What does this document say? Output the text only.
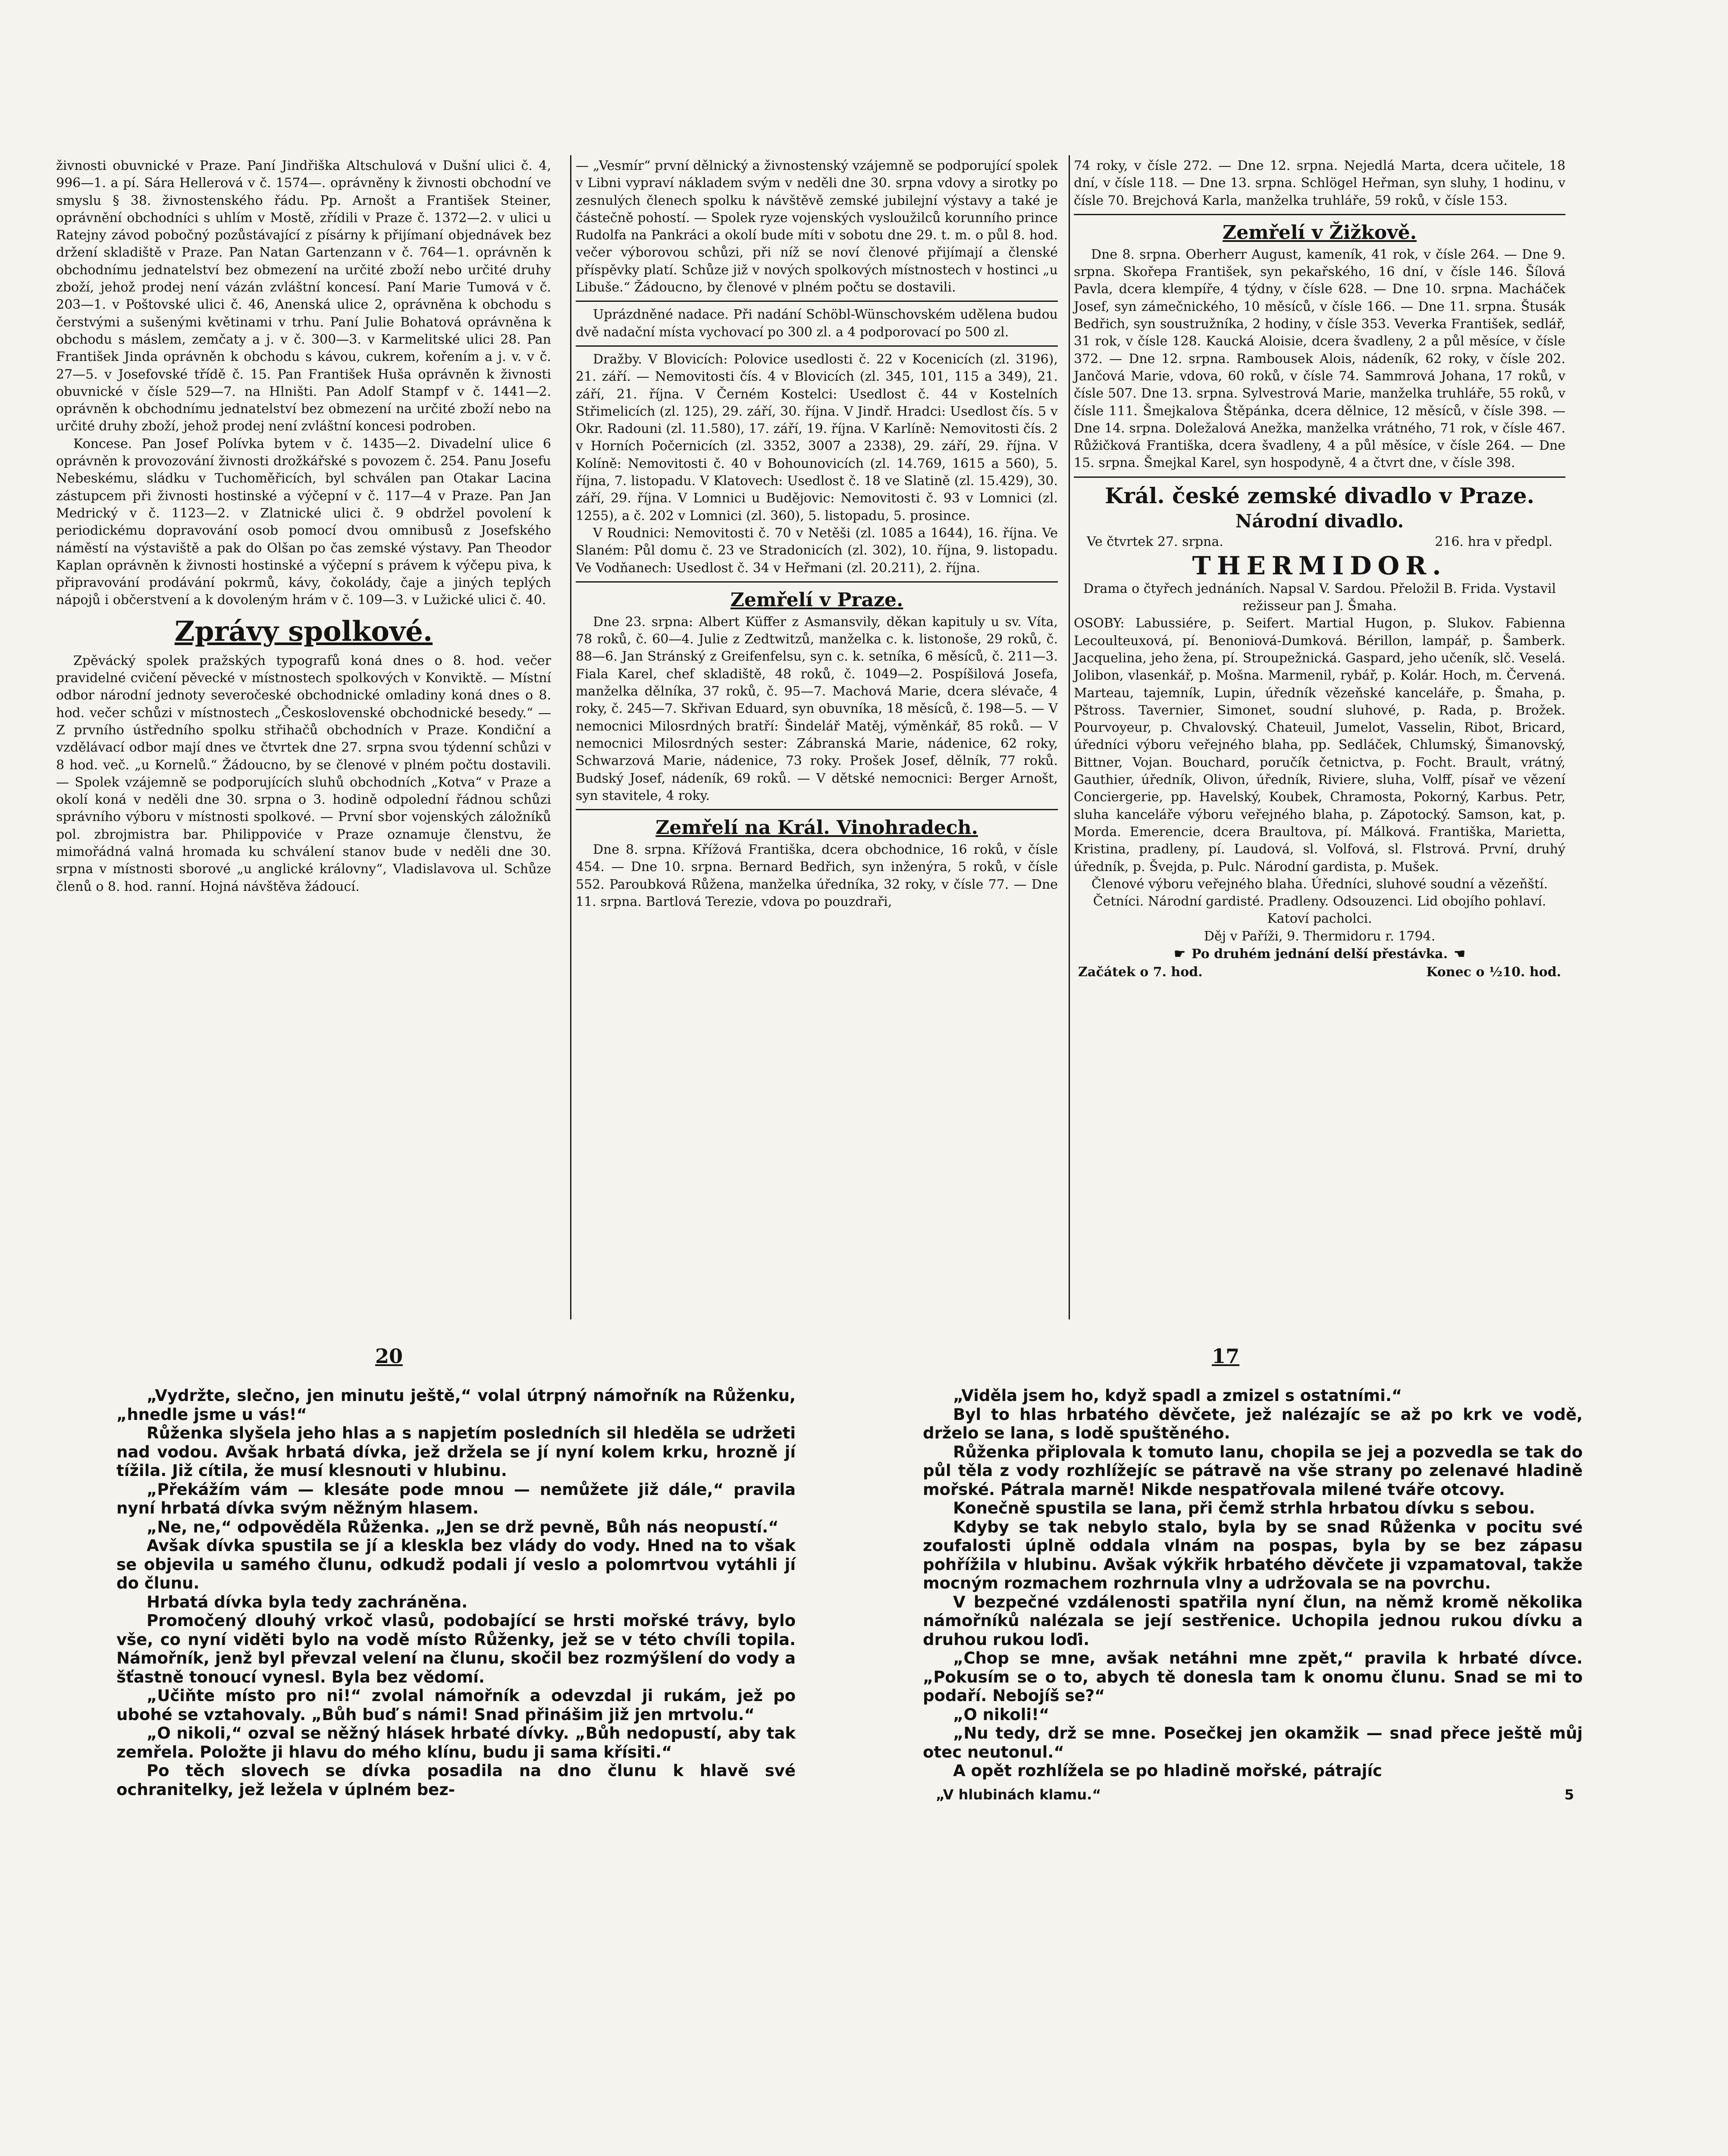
živnosti obuvnické v Praze. Paní Jindřiška Altschulová v Dušní ulici č. 4, 996—1. a pí. Sára Hellerová v č. 1574—. oprávněny k živnosti obchodní ve smyslu § 38. živnostenského řádu. Pp. Arnošt a František Steiner, oprávnění obchodníci s uhlím v Mostě, zřídili v Praze č. 1372—2. v ulici u Ratejny závod pobočný pozůstávající z písárny k přijímaní objednávek bez držení skladiště v Praze. Pan Natan Gartenzann v č. 764—1. oprávněn k obchodnímu jednatelství bez obmezení na určité zboží nebo určité druhy zboží, jehož prodej není vázán zvláštní koncesí. Paní Marie Tumová v č. 203—1. v Poštovské ulici č. 46, Anenská ulice 2, oprávněna k obchodu s čerstvými a sušenými květinami v trhu. Paní Julie Bohatová oprávněna k obchodu s máslem, zemčaty a j. v č. 300—3. v Karmelitské ulici 28. Pan František Jinda oprávněn k obchodu s kávou, cukrem, kořením a j. v. v č. 27—5. v Josefovské třídě č. 15. Pan František Huša oprávněn k živnosti obuvnické v čísle 529—7. na Hlništi. Pan Adolf Stampf v č. 1441—2. oprávněn k obchodnímu jednatelství bez obmezení na určité zboží nebo na určité druhy zboží, jehož prodej není zvláštní koncesi podroben.

Koncese. Pan Josef Polívka bytem v č. 1435—2. Divadelní ulice 6 oprávněn k provozování živnosti drožkářské s povozem č. 254. Panu Josefu Nebeskému, sládku v Tuchoměřicích, byl schválen pan Otakar Lacina zástupcem při živnosti hostinské a výčepní v č. 117—4 v Praze. Pan Jan Medrický v č. 1123—2. v Zlatnické ulici č. 9 obdržel povolení k periodickému dopravování osob pomocí dvou omnibusů z Josefského náměstí na výstaviště a pak do Olšan po čas zemské výstavy. Pan Theodor Kaplan oprávněn k živnosti hostinské a výčepní s právem k výčepu piva, k připravování prodávání pokrmů, kávy, čokolády, čaje a jiných teplých nápojů i občerstvení a k dovoleným hrám v č. 109—3. v Lužické ulici č. 40.

Zprávy spolkové.

Zpěvácký spolek pražských typografů koná dnes o 8. hod. večer pravidelné cvičení pěvecké v místnostech spolkových v Konviktě. — Místní odbor národní jednoty severočeské obchodnické omladiny koná dnes o 8. hod. večer schůzi v místnostech „Československé obchodnické besedy.“ — Z prvního ústředního spolku střihačů obchodních v Praze. Kondiční a vzdělávací odbor mají dnes ve čtvrtek dne 27. srpna svou týdenní schůzi v 8 hod. več. „u Kornelů.“ Žádoucno, by se členové v plném počtu dostavili. — Spolek vzájemně se podporujících sluhů obchodních „Kotva“ v Praze a okolí koná v neděli dne 30. srpna o 3. hodině odpolední řádnou schůzi správního výboru v místnosti spolkové. — První sbor vojenských záložníků pol. zbrojmistra bar. Philippoviće v Praze oznamuje členstvu, že mimořádná valná hromada ku schválení stanov bude v neděli dne 30. srpna v místnosti sborové „u anglické královny“, Vladislavova ul. Schůze členů o 8. hod. ranní. Hojná návštěva žádoucí.

— „Vesmír“ první dělnický a živnostenský vzájemně se podporující spolek v Libni vypraví nákladem svým v neděli dne 30. srpna vdovy a sirotky po zesnulých členech spolku k návštěvě zemské jubilejní výstavy a také je částečně pohostí. — Spolek ryze vojenských vysloužilců korunního prince Rudolfa na Pankráci a okolí bude míti v sobotu dne 29. t. m. o půl 8. hod. večer výborovou schůzi, při níž se noví členové přijímají a členské příspěvky platí. Schůze již v nových spolkových místnostech v hostinci „u Libuše.“ Žádoucno, by členové v plném počtu se dostavili.

Uprázdněné nadace. Při nadání Schöbl-Wünschovském udělena budou dvě nadační místa vychovací po 300 zl. a 4 podporovací po 500 zl.

Dražby. V Blovicích: Polovice usedlosti č. 22 v Kocenicích (zl. 3196), 21. září. — Nemovitosti čís. 4 v Blovicích (zl. 345, 101, 115 a 349), 21. září, 21. října. V Černém Kostelci: Usedlost č. 44 v Kostelních Střimelicích (zl. 125), 29. září, 30. října. V Jindř. Hradci: Usedlost čís. 5 v Okr. Radouni (zl. 11.580), 17. září, 19. října. V Karlíně: Nemovitosti čís. 2 v Horních Počernicích (zl. 3352, 3007 a 2338), 29. září, 29. října. V Kolíně: Nemovitosti č. 40 v Bohounovicích (zl. 14.769, 1615 a 560), 5. října, 7. listopadu. V Klatovech: Usedlost č. 18 ve Slatině (zl. 15.429), 30. září, 29. října. V Lomnici u Budějovic: Nemovitosti č. 93 v Lomnici (zl. 1255), a č. 202 v Lomnici (zl. 360), 5. listopadu, 5. prosince.

V Roudnici: Nemovitosti č. 70 v Netěši (zl. 1085 a 1644), 16. října. Ve Slaném: Půl domu č. 23 ve Stradonicích (zl. 302), 10. října, 9. listopadu. Ve Vodňanech: Usedlost č. 34 v Heřmani (zl. 20.211), 2. října.

Zemřelí v Praze.

Dne 23. srpna: Albert Küffer z Asmansvily, děkan kapituly u sv. Víta, 78 roků, č. 60—4. Julie z Zedtwitzů, manželka c. k. listonoše, 29 roků, č. 88—6. Jan Stránský z Greifenfelsu, syn c. k. setníka, 6 měsíců, č. 211—3. Fiala Karel, chef skladiště, 48 roků, č. 1049—2. Pospíšilová Josefa, manželka dělníka, 37 roků, č. 95—7. Machová Marie, dcera slévače, 4 roky, č. 245—7. Skřivan Eduard, syn obuvníka, 18 měsíců, č. 198—5. — V nemocnici Milosrdných bratří: Šindelář Matěj, výměnkář, 85 roků. — V nemocnici Milosrdných sester: Zábranská Marie, nádenice, 62 roky, Schwarzová Marie, nádenice, 73 roky. Prošek Josef, dělník, 77 roků. Budský Josef, nádeník, 69 roků. — V dětské nemocnici: Berger Arnošt, syn stavitele, 4 roky.

Zemřelí na Král. Vinohradech.

Dne 8. srpna. Křížová Františka, dcera obchodnice, 16 roků, v čísle 454. — Dne 10. srpna. Bernard Bedřich, syn inženýra, 5 roků, v čísle 552. Paroubková Růžena, manželka úředníka, 32 roky, v čísle 77. — Dne 11. srpna. Bartlová Terezie, vdova po pouzdraři,

74 roky, v čísle 272. — Dne 12. srpna. Nejedlá Marta, dcera učitele, 18 dní, v čísle 118. — Dne 13. srpna. Schlögel Heřman, syn sluhy, 1 hodinu, v čísle 70. Brejchová Karla, manželka truhláře, 59 roků, v čísle 153.

Zemřelí v Žižkově.

Dne 8. srpna. Oberherr August, kameník, 41 rok, v čísle 264. — Dne 9. srpna. Skořepa František, syn pekařského, 16 dní, v čísle 146. Šílová Pavla, dcera klempíře, 4 týdny, v čísle 628. — Dne 10. srpna. Macháček Josef, syn zámečnického, 10 měsíců, v čísle 166. — Dne 11. srpna. Štusák Bedřich, syn soustružníka, 2 hodiny, v čísle 353. Veverka František, sedlář, 31 rok, v čísle 128. Kaucká Aloisie, dcera švadleny, 2 a půl měsíce, v čísle 372. — Dne 12. srpna. Rambousek Alois, nádeník, 62 roky, v čísle 202. Jančová Marie, vdova, 60 roků, v čísle 74. Sammrová Johana, 17 roků, v čísle 507. Dne 13. srpna. Sylvestrová Marie, manželka truhláře, 55 roků, v čísle 111. Šmejkalova Štěpánka, dcera dělnice, 12 měsíců, v čísle 398. — Dne 14. srpna. Doležalová Anežka, manželka vrátného, 71 rok, v čísle 467. Růžičková Františka, dcera švadleny, 4 a půl měsíce, v čísle 264. — Dne 15. srpna. Šmejkal Karel, syn hospodyně, 4 a čtvrt dne, v čísle 398.

Král. české zemské divadlo v Praze.

Národní divadlo.

Ve čtvrtek 27. srpna.	216. hra v předpl.

THERMIDOR.

Drama o čtyřech jednáních. Napsal V. Sardou. Přeložil B. Frida. Vystavil režisseur pan J. Šmaha.

OSOBY: Labussiére, p. Seifert. Martial Hugon, p. Slukov. Fabienna Lecoulteuxová, pí. Benoniová-Dumková. Bérillon, lampář, p. Šamberk. Jacquelina, jeho žena, pí. Stroupežnická. Gaspard, jeho učeník, slč. Veselá. Jolibon, vlasenkář, p. Mošna. Marmenil, rybář, p. Kolár. Hoch, m. Červená. Marteau, tajemník, Lupin, úředník vězeňské kanceláře, p. Šmaha, p. Pštross. Tavernier, Simonet, soudní sluhové, p. Rada, p. Brožek. Pourvoyeur, p. Chvalovský. Chateuil, Jumelot, Vasselin, Ribot, Bricard, úředníci výboru veřejného blaha, pp. Sedláček, Chlumský, Šimanovský, Bittner, Vojan. Bouchard, poručík četnictva, p. Focht. Brault, vrátný, Gauthier, úředník, Olivon, úředník, Riviere, sluha, Volff, písař ve vězení Conciergerie, pp. Havelský, Koubek, Chramosta, Pokorný, Karbus. Petr, sluha kanceláře výboru veřejného blaha, p. Zápotocký. Samson, kat, p. Morda. Emerencie, dcera Braultova, pí. Málková. Františka, Marietta, Kristina, pradleny, pí. Laudová, sl. Volfová, sl. Flstrová. První, druhý úředník, p. Švejda, p. Pulc. Národní gardista, p. Mušek.

Členové výboru veřejného blaha. Úředníci, sluhové soudní a vězeňští. Četníci. Národní gardisté. Pradleny. Odsouzenci. Lid obojího pohlaví. Katoví pacholci.

Děj v Paříži, 9. Thermidoru r. 1794.

☛ Po druhém jednání delší přestávka. ☚
Začátek o 7. hod.	Konec o ½10. hod.
20	17

„Vydržte, slečno, jen minutu ještě,“ volal útrpný námořník na Růženku, „hnedle jsme u vás!“

Růženka slyšela jeho hlas a s napjetím posledních sil hleděla se udržeti nad vodou. Avšak hrbatá dívka, jež držela se jí nyní kolem krku, hrozně jí tížila. Již cítila, že musí klesnouti v hlubinu.

„Překážím vám — klesáte pode mnou — nemůžete již dále,“ pravila nyní hrbatá dívka svým něžným hlasem.

„Ne, ne,“ odpověděla Růženka. „Jen se drž pevně, Bůh nás neopustí.“

Avšak dívka spustila se jí a kleskla bez vlády do vody. Hned na to však se objevila u samého člunu, odkudž podali jí veslo a polomrtvou vytáhli jí do člunu.

Hrbatá dívka byla tedy zachráněna.

Promočený dlouhý vrkoč vlasů, podobající se hrsti mořské trávy, bylo vše, co nyní viděti bylo na vodě místo Růženky, jež se v této chvíli topila. Námořník, jenž byl převzal velení na člunu, skočil bez rozmýšlení do vody a šťastně tonoucí vynesl. Byla bez vědomí.

„Učiňte místo pro ni!“ zvolal námořník a odevzdal ji rukám, jež po ubohé se vztahovaly. „Bůh buď s námi! Snad přinášim již jen mrtvolu.“

„O nikoli,“ ozval se něžný hlásek hrbaté dívky. „Bůh nedopustí, aby tak zemřela. Položte ji hlavu do mého klínu, budu ji sama křísiti.“

Po těch slovech se dívka posadila na dno člunu k hlavě své ochranitelky, jež ležela v úplném bez-

„Viděla jsem ho, když spadl a zmizel s ostatními.“

Byl to hlas hrbatého děvčete, jež nalézajíc se až po krk ve vodě, drželo se lana, s lodě spuštěného.

Růženka připlovala k tomuto lanu, chopila se jej a pozvedla se tak do půl těla z vody rozhlížejíc se pátravě na vše strany po zelenavé hladině mořské. Pátrala marně! Nikde nespatřovala milené tváře otcovy.

Konečně spustila se lana, při čemž strhla hrbatou dívku s sebou.

Kdyby se tak nebylo stalo, byla by se snad Růženka v pocitu své zoufalosti úplně oddala vlnám na pospas, byla by se bez zápasu pohřížila v hlubinu. Avšak výkřik hrbatého děvčete ji vzpamatoval, takže mocným rozmachem rozhrnula vlny a udržovala se na povrchu.

V bezpečné vzdálenosti spatřila nyní člun, na němž kromě několika námořníků nalézala se její sestřenice. Uchopila jednou rukou dívku a druhou rukou loďi.

„Chop se mne, avšak netáhni mne zpět,“ pravila k hrbaté dívce. „Pokusím se o to, abych tě donesla tam k onomu člunu. Snad se mi to podaří. Nebojíš se?“

„O nikoli!“

„Nu tedy, drž se mne. Posečkej jen okamžik — snad přece ještě můj otec neutonul.“

A opět rozhlížela se po hladině mořské, pátrajíc

„V hlubinách klamu.“	5
